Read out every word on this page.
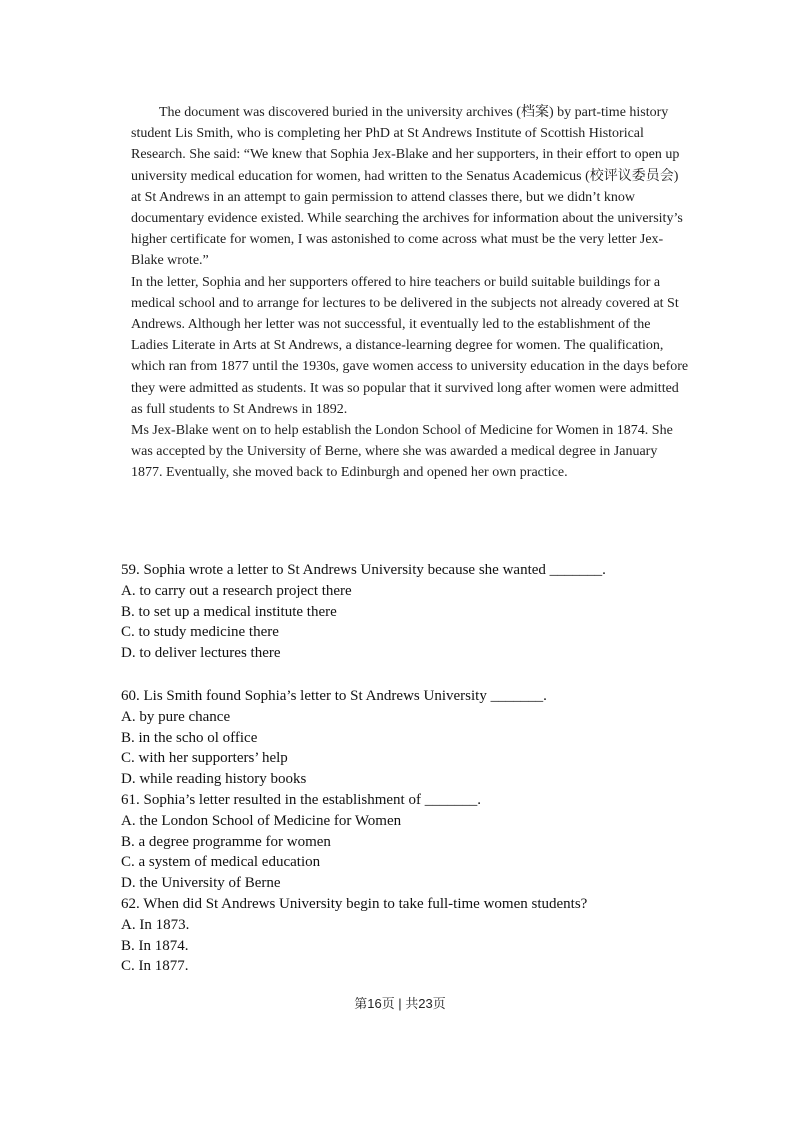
The document was discovered buried in the university archives (档案) by part-time history student Lis Smith, who is completing her PhD at St Andrews Institute of Scottish Historical Research. She said: “We knew that Sophia Jex-Blake and her supporters, in their effort to open up university medical education for women, had written to the Senatus Academicus (校评议委员会) at St Andrews in an attempt to gain permission to attend classes there, but we didn’t know documentary evidence existed. While searching the archives for information about the university’s higher certificate for women, I was astonished to come across what must be the very letter Jex-Blake wrote.”

In the letter, Sophia and her supporters offered to hire teachers or build suitable buildings for a medical school and to arrange for lectures to be delivered in the subjects not already covered at St Andrews. Although her letter was not successful, it eventually led to the establishment of the Ladies Literate in Arts at St Andrews, a distance-learning degree for women. The qualification, which ran from 1877 until the 1930s, gave women access to university education in the days before they were admitted as students. It was so popular that it survived long after women were admitted as full students to St Andrews in 1892.

Ms Jex-Blake went on to help establish the London School of Medicine for Women in 1874. She was accepted by the University of Berne, where she was awarded a medical degree in January 1877. Eventually, she moved back to Edinburgh and opened her own practice.

59. Sophia wrote a letter to St Andrews University because she wanted _______.
A. to carry out a research project there
B. to set up a medical institute there
C. to study medicine there
D. to deliver lectures there
60. Lis Smith found Sophia’s letter to St Andrews University _______.
A. by pure chance
B. in the scho ol office
C. with her supporters’ help
D. while reading history books
61. Sophia’s letter resulted in the establishment of _______.
A. the London School of Medicine for Women
B. a degree programme for women
C. a system of medical education
D. the University of Berne
62. When did St Andrews University begin to take full-time women students?
A. In 1873.
B. In 1874.
C. In 1877.
第16页 | 共23页
